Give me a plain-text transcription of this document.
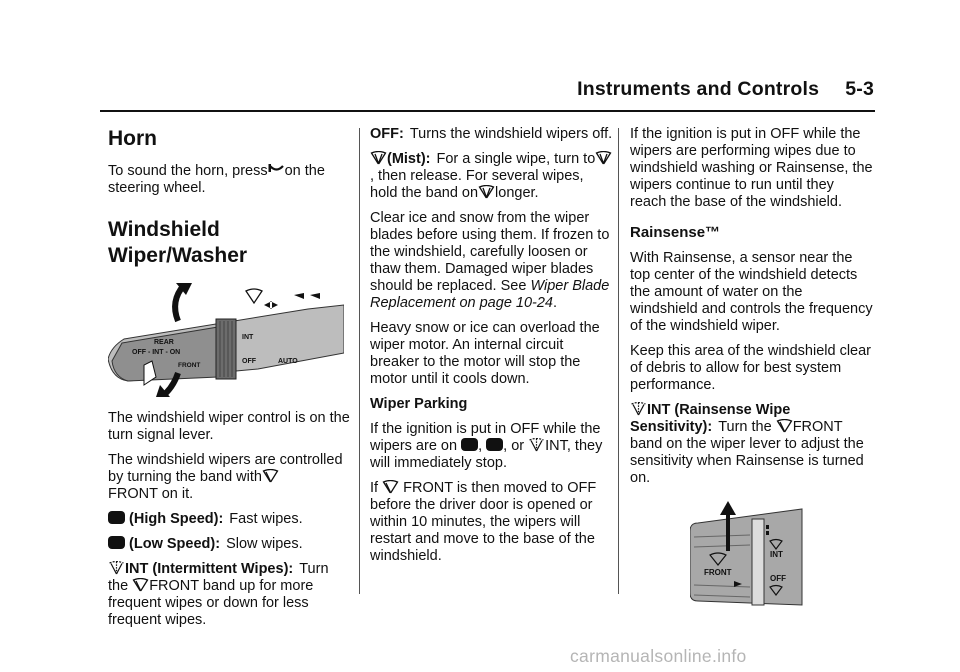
Instruments and Controls 5-3
Horn

To sound the horn, press on the steering wheel.

Windshield Wiper/Washer
REAR
OFF - INT - ON
FRONT
INT
OFF	AUTO

The windshield wiper control is on the turn signal lever.

The windshield wipers are controlled by turning the band with
FRONT on it.

(High Speed): Fast wipes.

(Low Speed): Slow wipes.

INT (Intermittent Wipes): Turn the FRONT band up for more frequent wipes or down for less frequent wipes.

OFF: Turns the windshield wipers off.

(Mist): For a single wipe, turn to, then release. For several wipes, hold the band on longer.

Clear ice and snow from the wiper blades before using them. If frozen to the windshield, carefully loosen or thaw them. Damaged wiper blades should be replaced. See Wiper Blade Replacement on page 10-24.

Heavy snow or ice can overload the wiper motor. An internal circuit breaker to the motor will stop the motor until it cools down.

Wiper Parking

If the ignition is put in OFF while the wipers are on , , or INT, they will immediately stop.

If FRONT is then moved to OFF before the driver door is opened or within 10 minutes, the wipers will restart and move to the base of the windshield.

If the ignition is put in OFF while the wipers are performing wipes due to windshield washing or Rainsense, the wipers continue to run until they reach the base of the windshield.

Rainsense™

With Rainsense, a sensor near the top center of the windshield detects the amount of water on the windshield and controls the frequency of the windshield wiper.

Keep this area of the windshield clear of debris to allow for best system performance.

INT (Rainsense Wipe Sensitivity): Turn the FRONT band on the wiper lever to adjust the sensitivity when Rainsense is turned on.

FRONT
INT
OFF
carmanualsonline.info
